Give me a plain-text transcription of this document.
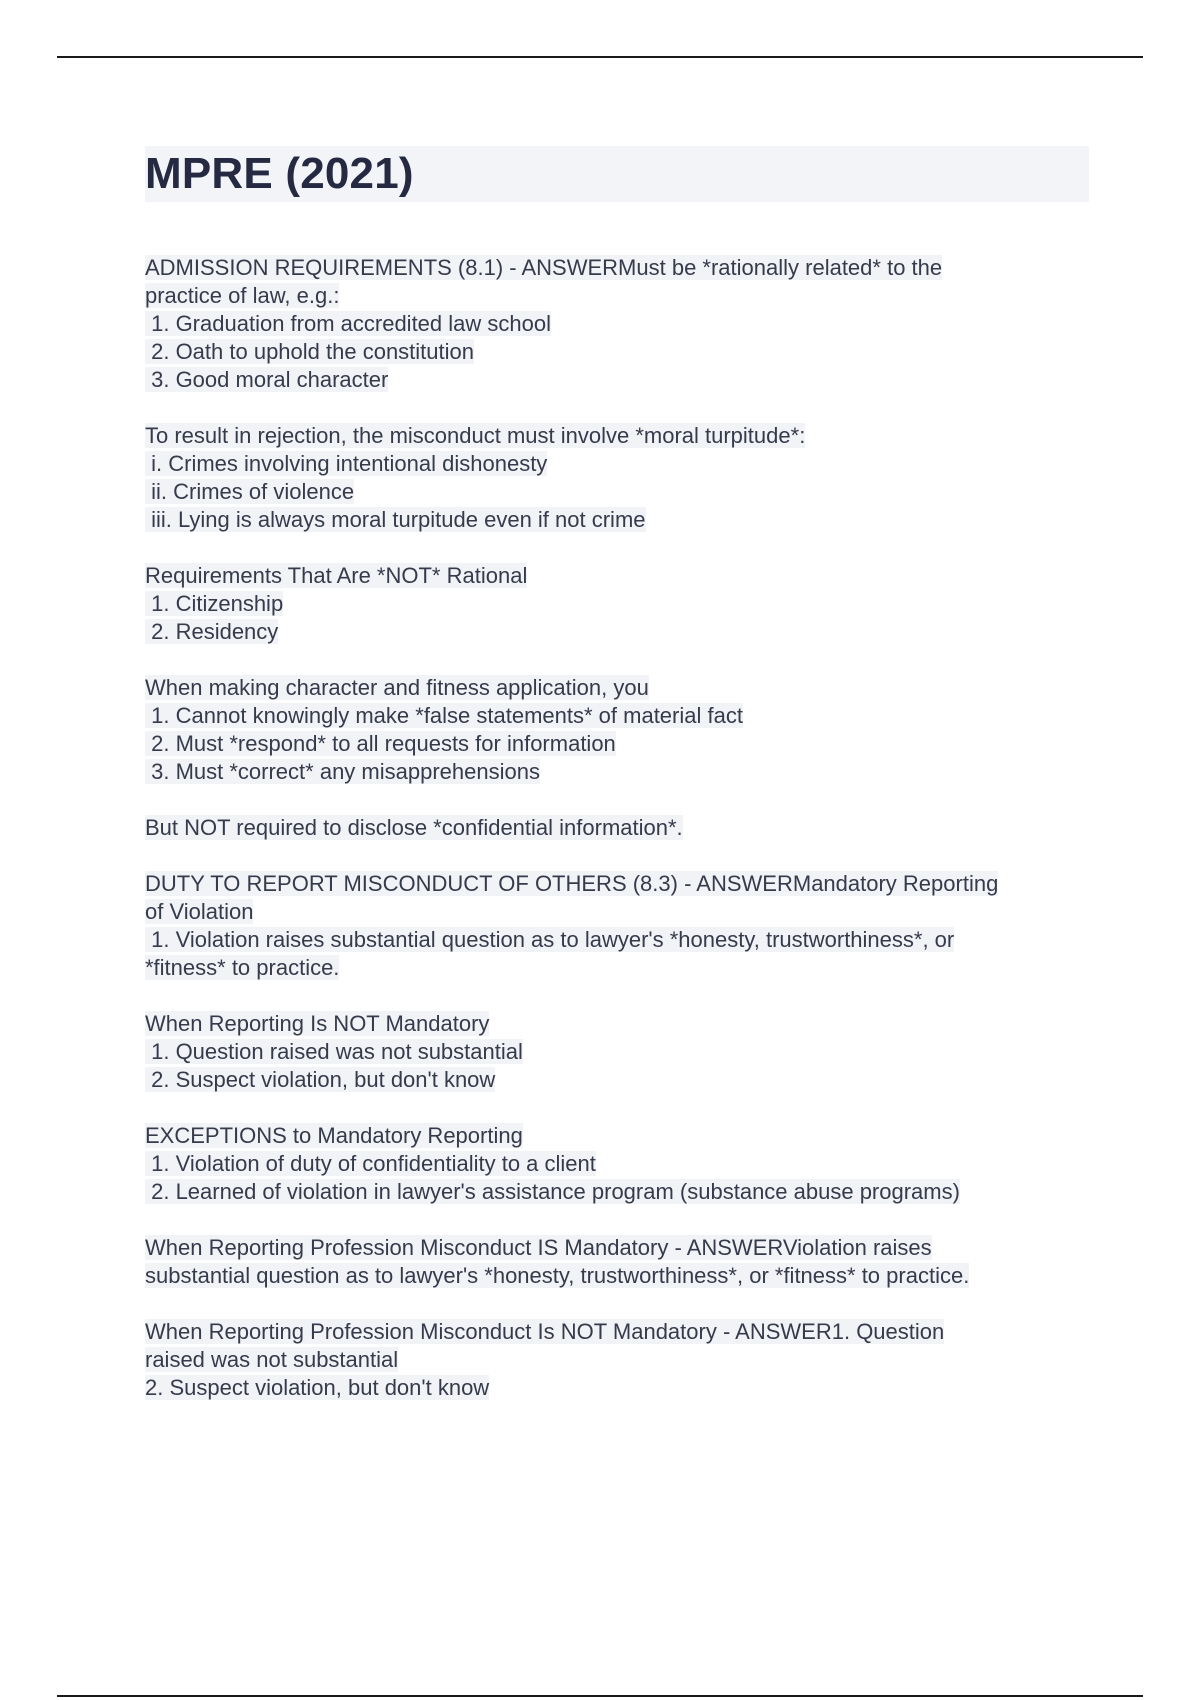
MPRE (2021)
ADMISSION REQUIREMENTS (8.1) - ANSWERMust be *rationally related* to the
practice of law, e.g.:
1. Graduation from accredited law school
2. Oath to uphold the constitution
3. Good moral character
To result in rejection, the misconduct must involve *moral turpitude*:
i. Crimes involving intentional dishonesty
ii. Crimes of violence
iii. Lying is always moral turpitude even if not crime
Requirements That Are *NOT* Rational
1. Citizenship
2. Residency
When making character and fitness application, you
1. Cannot knowingly make *false statements* of material fact
2. Must *respond* to all requests for information
3. Must *correct* any misapprehensions
But NOT required to disclose *confidential information*.
DUTY TO REPORT MISCONDUCT OF OTHERS (8.3) - ANSWERMandatory Reporting
of Violation
1. Violation raises substantial question as to lawyer's *honesty, trustworthiness*, or
*fitness* to practice.
When Reporting Is NOT Mandatory
1. Question raised was not substantial
2. Suspect violation, but don't know
EXCEPTIONS to Mandatory Reporting
1. Violation of duty of confidentiality to a client
2. Learned of violation in lawyer's assistance program (substance abuse programs)
When Reporting Profession Misconduct IS Mandatory - ANSWERViolation raises
substantial question as to lawyer's *honesty, trustworthiness*, or *fitness* to practice.
When Reporting Profession Misconduct Is NOT Mandatory - ANSWER1. Question
raised was not substantial
2. Suspect violation, but don't know
